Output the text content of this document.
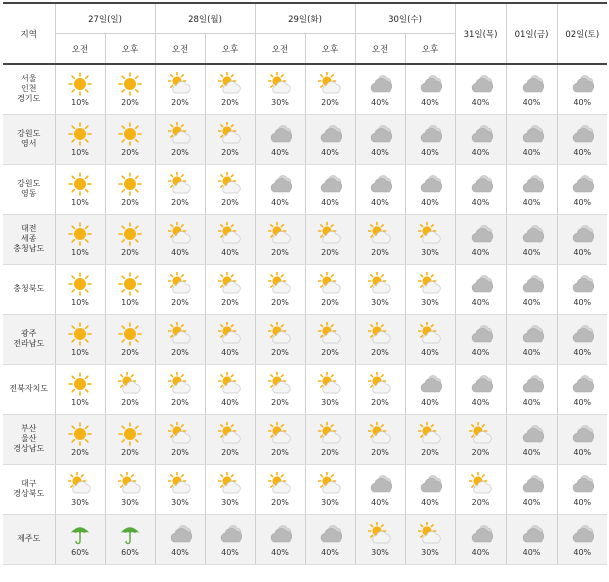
지역	27일(일)		28일(월)		29일(화)		30일(수)		31일(목)	01일(금)	02일(토)
	오전	오후	오전	오후	오전	오후	오전	오후			

서울
인천
경기도	10%	20%	20%	20%	30%	20%	40%	40%	40%	40%	40%

강원도
영서	10%	20%	20%	20%	40%	40%	40%	40%	40%	40%	40%

강원도
영동	10%	20%	20%	20%	40%	40%	40%	40%	40%	40%	40%

대전
세종
충청남도	10%	20%	40%	40%	20%	20%	20%	30%	40%	40%	40%

충청북도	10%	10%	20%	20%	20%	20%	30%	30%	40%	40%	40%

광주
전라남도	10%	20%	20%	40%	20%	20%	20%	40%	40%	40%	40%

전북자치도	10%	20%	20%	40%	20%	30%	20%	40%	40%	40%	40%

부산
울산
경상남도	20%	20%	20%	20%	20%	20%	20%	20%	20%	40%	40%

대구
경상북도	30%	30%	30%	30%	20%	30%	40%	40%	20%	40%	40%

제주도	60%	60%	40%	40%	40%	40%	30%	30%	40%	40%	40%
